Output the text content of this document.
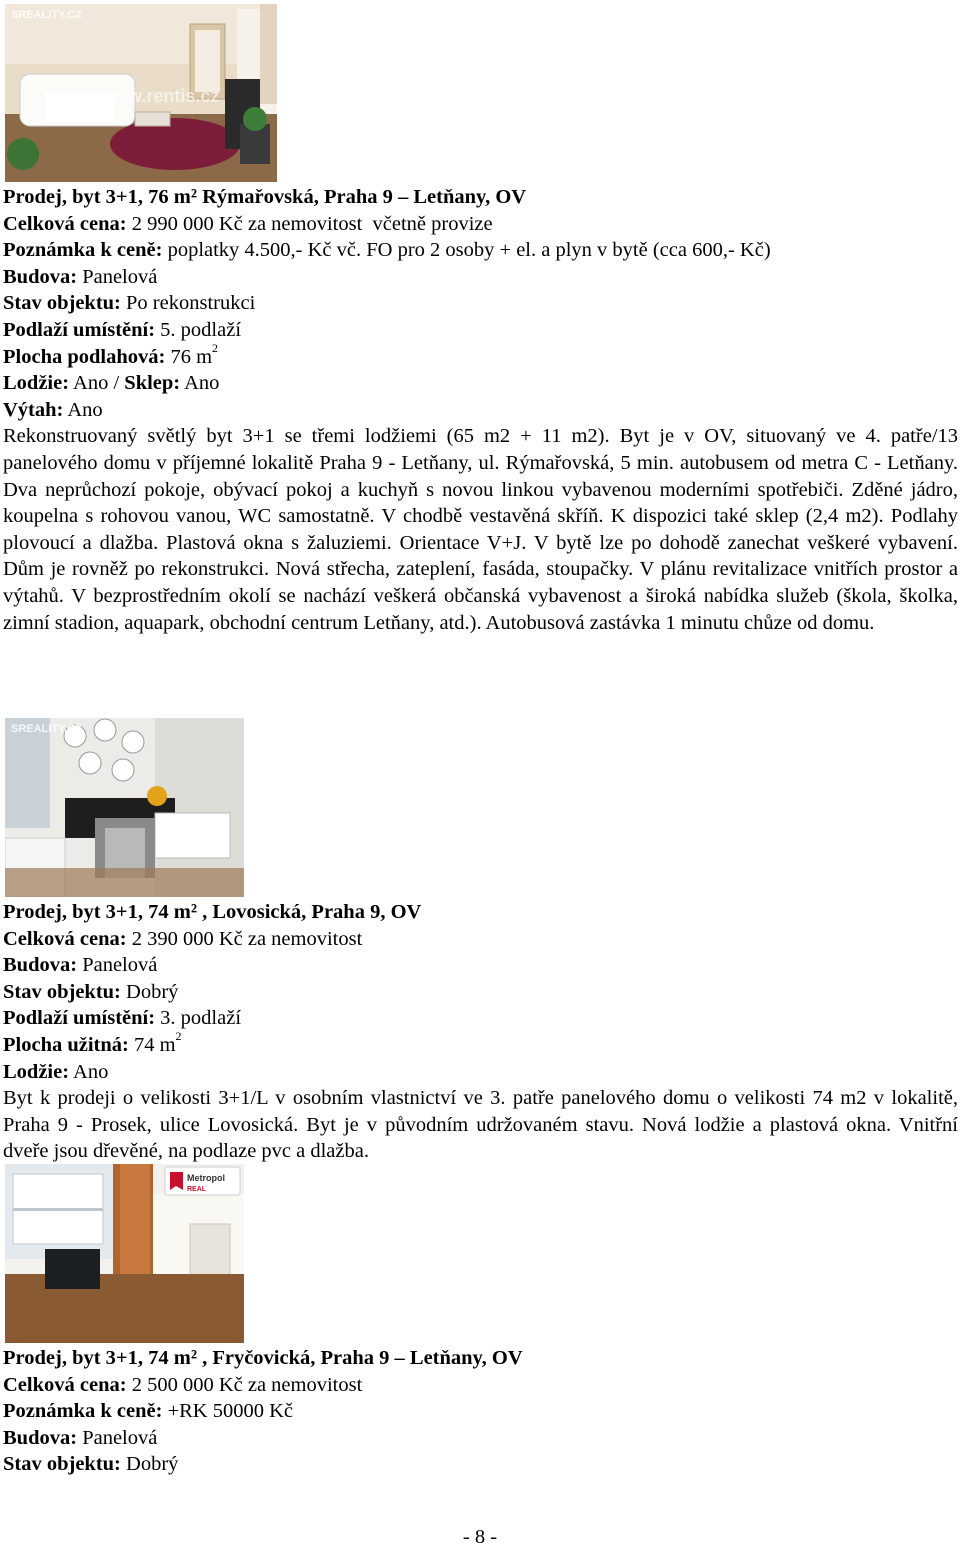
SREALITY.CZ
www.rentis.cz
Prodej, byt 3+1, 76 m² Rýmařovská, Praha 9 – Letňany, OV
Celková cena: 2 990 000 Kč za nemovitost  včetně provize
Poznámka k ceně: poplatky 4.500,- Kč vč. FO pro 2 osoby + el. a plyn v bytě (cca 600,- Kč)
Budova: Panelová
Stav objektu: Po rekonstrukci
Podlaží umístění: 5. podlaží
Plocha podlahová: 76 $m^2$
Lodžie: Ano / Sklep: Ano
Výtah: Ano

Rekonstruovaný světlý byt 3+1 se třemi lodžiemi (65 m2 + 11 m2). Byt je v OV, situovaný ve 4. patře/13 panelového domu v příjemné lokalitě Praha 9 - Letňany, ul. Rýmařovská, 5 min. autobusem od metra C - Letňany. Dva neprůchozí pokoje, obývací pokoj a kuchyň s novou linkou vybavenou moderními spotřebiči. Zděné jádro, koupelna s rohovou vanou, WC samostatně. V chodbě vestavěná skříň. K dispozici také sklep (2,4 m2). Podlahy plovoucí a dlažba. Plastová okna s žaluziemi. Orientace V+J. V bytě lze po dohodě zanechat veškeré vybavení. Dům je rovněž po rekonstrukci. Nová střecha, zateplení, fasáda, stoupačky. V plánu revitalizace vnitřích prostor a výtahů. V bezprostředním okolí se nachází veškerá občanská vybavenost a široká nabídka služeb (škola, školka, zimní stadion, aquapark, obchodní centrum Letňany, atd.). Autobusová zastávka 1 minutu chůze od domu.

SREALITY.CZ
Prodej, byt 3+1, 74 m² , Lovosická, Praha 9, OV
Celková cena: 2 390 000 Kč za nemovitost
Budova: Panelová
Stav objektu: Dobrý
Podlaží umístění: 3. podlaží
Plocha užitná: 74 $m^2$
Lodžie: Ano

Byt k prodeji o velikosti 3+1/L v osobním vlastnictví ve 3. patře panelového domu o velikosti 74 m2 v lokalitě, Praha 9 - Prosek, ulice Lovosická. Byt je v původním udržovaném stavu. Nová lodžie a plastová okna. Vnitřní dveře jsou dřevěné, na podlaze pvc a dlažba.

Metropol
REAL
Prodej, byt 3+1, 74 m² , Fryčovická, Praha 9 – Letňany, OV
Celková cena: 2 500 000 Kč za nemovitost
Poznámka k ceně: +RK 50000 Kč
Budova: Panelová
Stav objektu: Dobrý
- 8 -
